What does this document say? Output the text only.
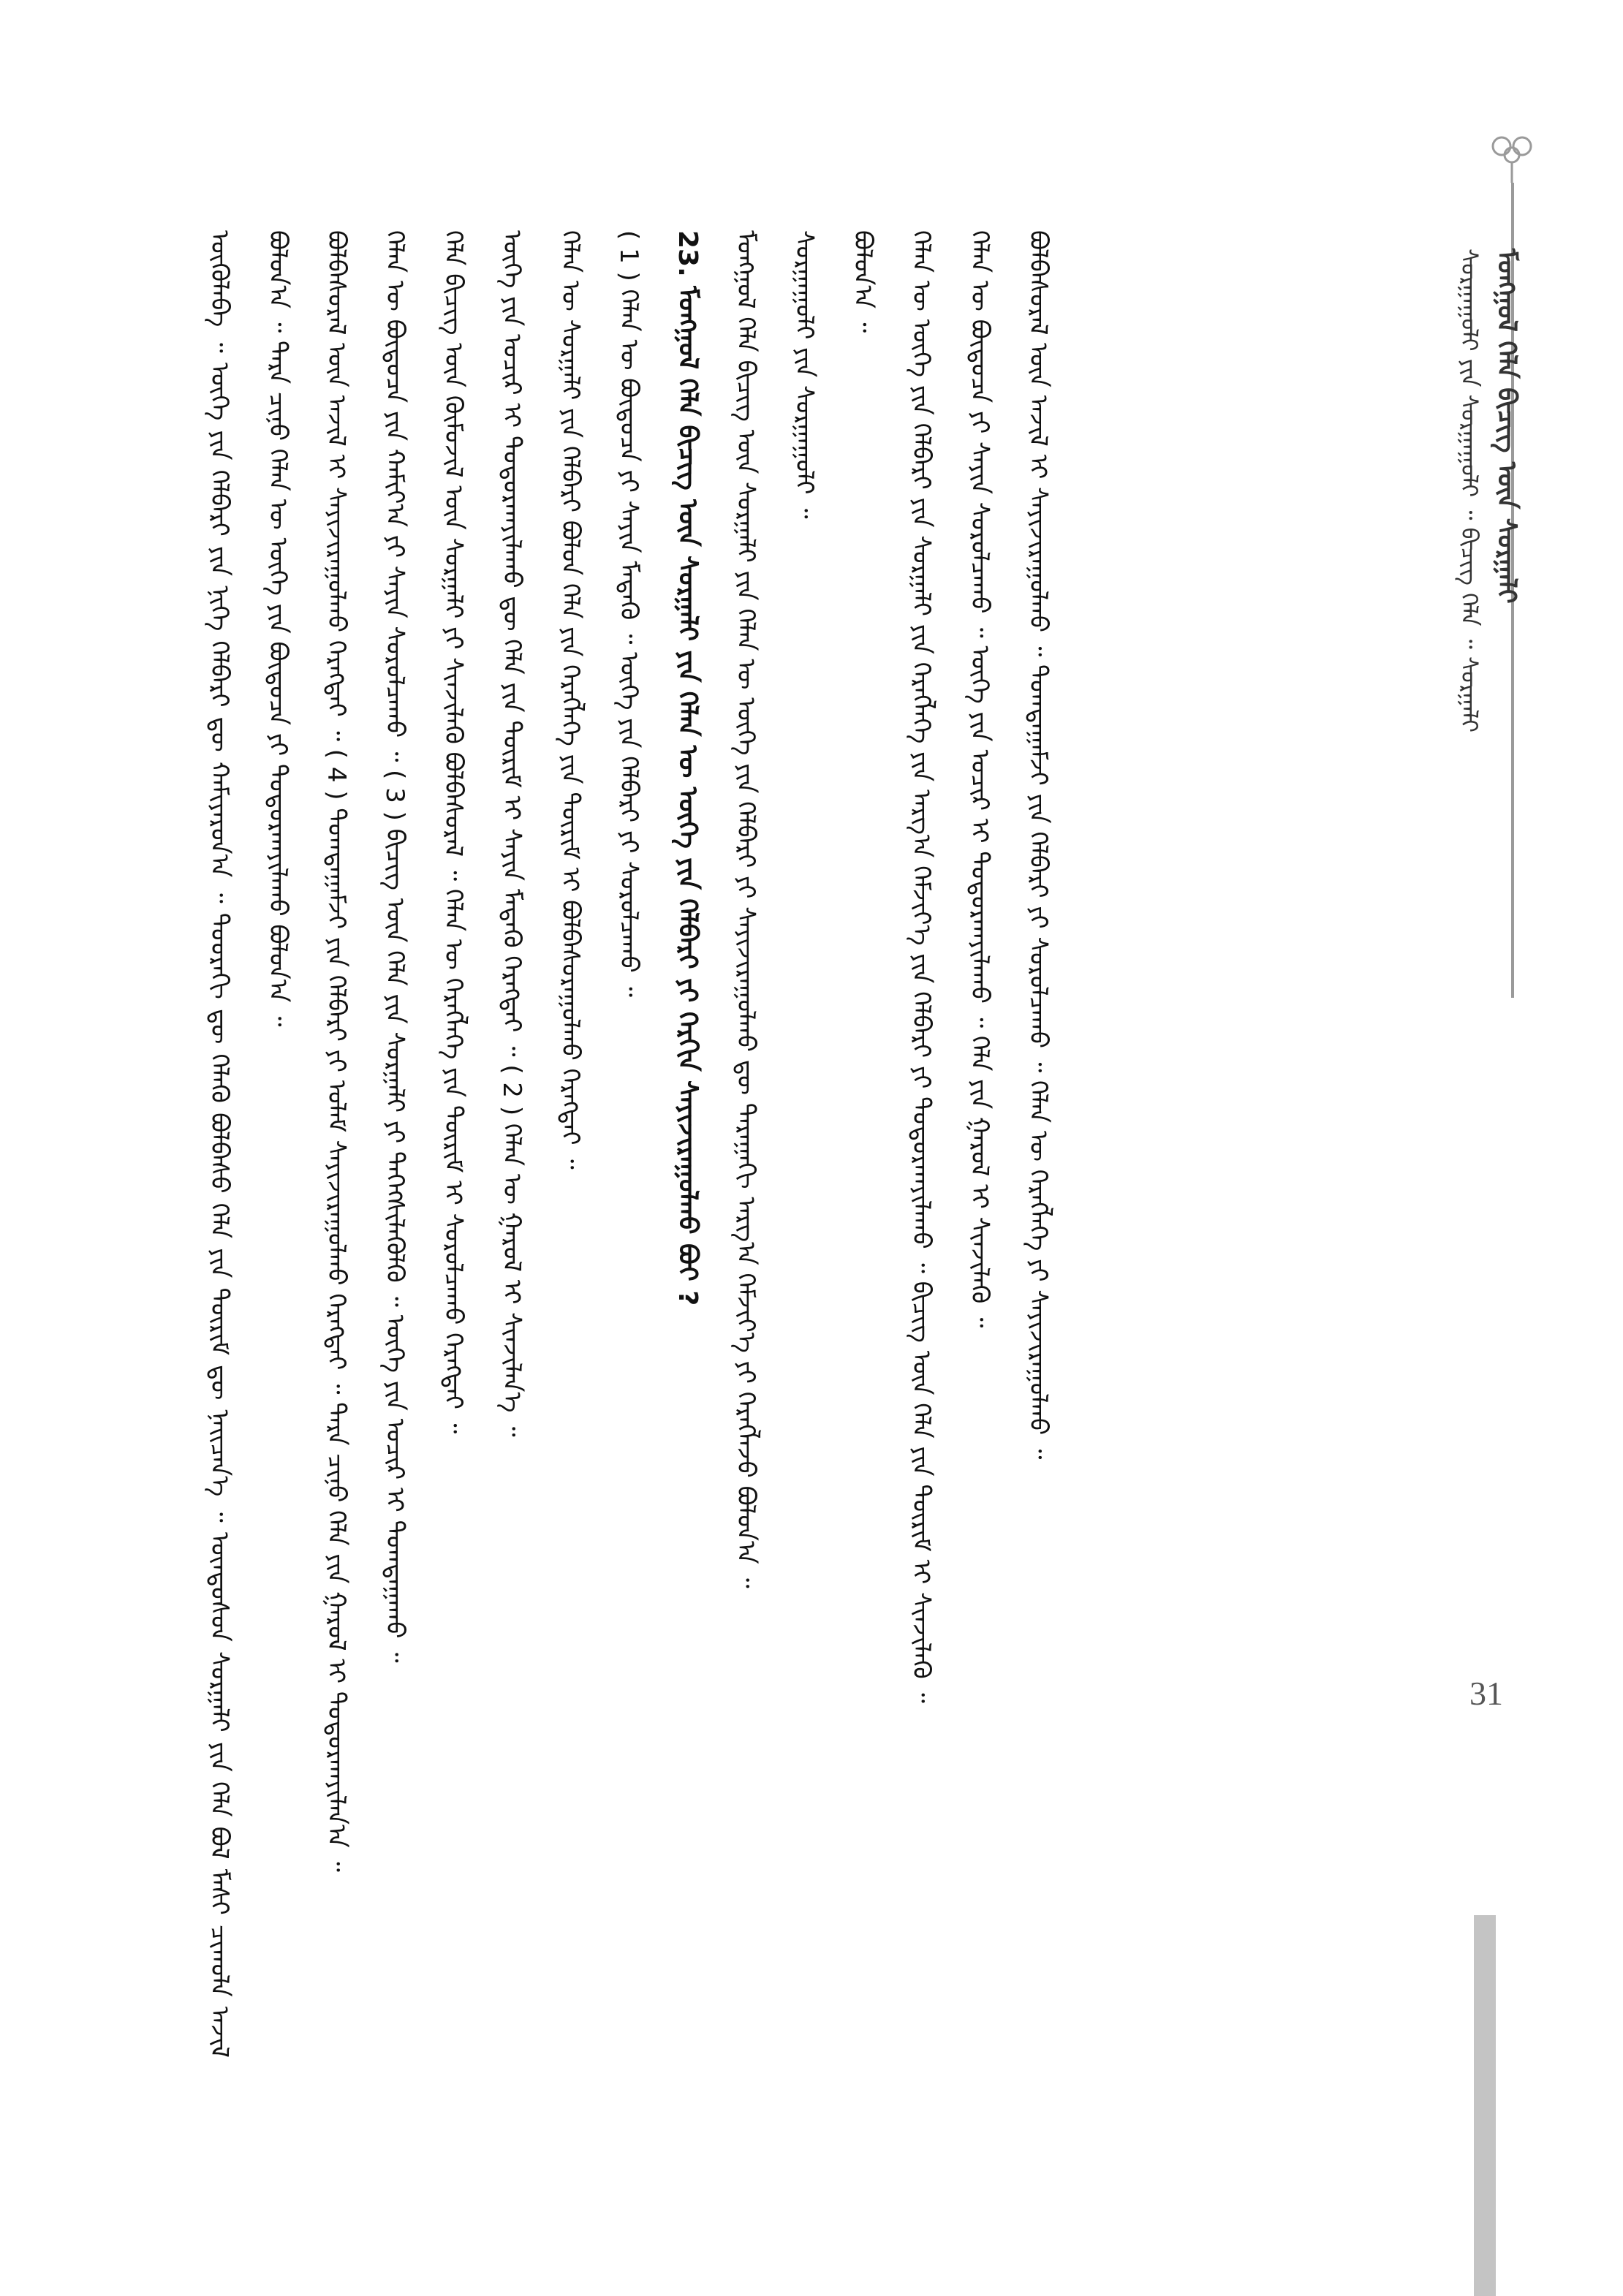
ᠮᠣᠩᠭᠣᠯ ᠬᠡᠯᠡ ᠪᠢᠴᠢᠭ ᠦᠨ ᠰᠤᠷᠭᠠᠯᠢ
ᠰᠤᠷᠭᠠᠭᠤᠯᠢ ᠶᠢᠨ ᠰᠤᠷᠭᠠᠭᠤᠯᠢ ᠃ ᠪᠢᠴᠢᠭ ᠬᠡᠯᠡ ᠃ ᠰᠤᠷᠭᠠᠯᠢ

ᠥᠭᠦᠯᠡᠪᠡ ᠃ ᠦᠭᠡ ᠶᠢᠨ ᠬᠡᠯᠪᠡᠷᠢ ᠶᠢᠨ ᠨᠢᠭᠡ ᠬᠡᠯᠪᠡᠷᠢ ᠳᠦ ᠬᠠᠮᠢᠶᠠᠷᠤᠨ᠎ᠠ ᠃ ᠳᠣᠣᠷᠠᠬᠢ ᠳᠦ ᠬᠡᠯᠡᠬᠦ ᠪᠣᠯᠪᠠᠰᠤ ᠬᠡᠯᠡ ᠶᠢᠨ ᠳᠦᠷᠢᠮ ᠳᠦ ᠨᠡᠢᠴᠡᠨ᠎ᠡ ᠃ ᠦᠨᠳᠦᠰᠦᠨ ᠰᠤᠷᠭᠠᠯᠢ ᠶᠢᠨ ᠬᠡᠯᠡ ᠪᠣᠯ ᠮᠠᠰᠢ ᠴᠢᠬᠤᠯᠠ ᠠᠵᠢᠯ ᠪᠣᠯᠤᠨ᠎ᠠ ᠃ ᠲᠡᠷᠡ ᠴᠢᠨᠦ ᠬᠡᠯᠡᠨ ᠦ ᠦᠭᠡ ᠶᠢᠨ ᠪᠦᠲᠦᠴᠡ ᠶᠢ ᠲᠣᠳᠣᠷᠬᠠᠶᠢᠯᠠᠬᠤ ᠪᠣᠯᠤᠨ᠎ᠠ ᠃	ᠪᠣᠯᠪᠠᠰᠤᠷᠠᠯ ᠦᠨ ᠠᠵᠢᠯ ᠢ ᠰᠠᠶᠢᠵᠢᠷᠠᠭᠤᠯᠬᠤ ᠬᠡᠷᠡᠭᠲᠡᠢ ᠃ ( 4 ) ᠲᠣᠭᠲᠠᠭᠠᠮᠵᠢ ᠶᠢᠨ ᠬᠡᠯᠪᠡᠷᠢ ᠶᠢ ᠤᠯᠠᠮ ᠰᠠᠶᠢᠵᠢᠷᠠᠭᠤᠯᠬᠤ ᠬᠡᠷᠡᠭᠲᠡᠢ ᠃ ᠲᠡᠷᠡ ᠴᠢᠨᠦ ᠬᠡᠯᠡ ᠶᠢᠨ ᠭᠠᠷᠤᠯ ᠢ ᠲᠣᠳᠣᠷᠬᠠᠶᠢᠯᠠᠨ᠎ᠠ ᠃	ᠬᠡᠯᠡᠨ ᠦ ᠪᠦᠲᠦᠴᠡ ᠶᠢᠨ ᠬᠠᠮᠢᠶ᠎ᠠ ᠶᠢ ᠰᠠᠶᠢᠨ ᠰᠤᠷᠤᠯᠴᠠᠬᠤ ᠃ ( 3 ) ᠪᠢᠴᠢᠭ ᠦᠨ ᠬᠡᠯᠡ ᠶᠢᠨ ᠰᠤᠷᠭᠠᠯᠢ ᠶᠢ ᠳᠡᠭᠡᠭᠰᠢᠯᠡᠭᠦᠯᠬᠦ ᠃ ᠦᠭᠡ ᠶᠢᠨ ᠤᠴᠢᠷ ᠢ ᠲᠣᠭᠲᠠᠭᠠᠬᠤ ᠃	ᠬᠡᠯᠡ ᠪᠢᠴᠢᠭ ᠦᠨ ᠬᠦᠮᠦᠵᠢᠯ ᠦᠨ ᠰᠤᠷᠭᠠᠯᠢ ᠶᠢ ᠰᠢᠨᠵᠢᠯᠡᠬᠦ ᠪᠣᠯᠪᠠᠰᠤᠷᠠᠯ ᠃ ᠬᠡᠯᠡᠨ ᠦ ᠬᠡᠷᠡᠭᠯᠡᠭᠡ ᠶᠢᠨ ᠳᠦᠷᠢᠮ ᠢ ᠰᠤᠷᠤᠯᠴᠠᠬᠤ ᠬᠡᠷᠡᠭᠲᠡᠢ ᠃	ᠦᠭᠡ ᠶᠢᠨ ᠤᠴᠢᠷ ᠢ ᠲᠣᠳᠣᠷᠬᠠᠶᠢᠯᠠᠬᠤ ᠳᠦ ᠬᠡᠯᠡ ᠶᠢᠨ ᠳᠦᠷᠢᠮ ᠢ ᠰᠠᠶᠢᠨ ᠮᠡᠳᠡᠬᠦ ᠬᠡᠷᠡᠭᠲᠡᠢ ᠃ ( 2 ) ᠬᠡᠯᠡᠨ ᠦ ᠭᠠᠷᠤᠯ ᠢ ᠰᠢᠨᠵᠢᠯᠡᠨ᠎ᠡ ᠃	ᠬᠡᠯᠡᠨ ᠦ ᠰᠤᠷᠭᠠᠯᠢ ᠶᠢᠨ ᠬᠡᠯᠪᠡᠷᠢ ᠪᠣᠯᠤᠨ ᠬᠡᠯᠡ ᠶᠢᠨ ᠬᠡᠷᠡᠭᠯᠡᠭᠡ ᠶᠢᠨ ᠳᠦᠷᠢᠮ ᠢ ᠪᠣᠯᠪᠠᠰᠤᠷᠠᠭᠤᠯᠬᠤ ᠬᠡᠷᠡᠭᠲᠡᠢ ᠃	( 1 ) ᠬᠡᠯᠡᠨ ᠦ ᠪᠦᠲᠦᠴᠡ ᠶᠢ ᠰᠠᠶᠢᠨ ᠮᠡᠳᠡᠬᠦ ᠃ ᠦᠭᠡ ᠶᠢᠨ ᠬᠡᠯᠪᠡᠷᠢ ᠶᠢ ᠰᠤᠷᠤᠯᠴᠠᠬᠤ ᠃	23. ᠮᠣᠩᠭᠣᠯ ᠬᠡᠯᠡ ᠪᠢᠴᠢᠭ ᠦᠨ ᠰᠤᠷᠭᠠᠯᠢ ᠶᠢᠨ ᠬᠡᠯᠡᠨ ᠦ ᠦᠭᠡ ᠶᠢᠨ ᠬᠡᠯᠪᠡᠷᠢ ᠶᠢ ᠬᠡᠷᠬᠢᠨ ᠰᠠᠶᠢᠵᠢᠷᠠᠭᠤᠯᠬᠤ ᠪᠤᠢ ?	ᠮᠣᠩᠭᠣᠯ ᠬᠡᠯᠡ ᠪᠢᠴᠢᠭ ᠦᠨ ᠰᠤᠷᠭᠠᠯᠢ ᠶᠢᠨ ᠬᠡᠯᠡᠨ ᠦ ᠦᠭᠡ ᠶᠢᠨ ᠬᠡᠯᠪᠡᠷᠢ ᠶᠢ ᠰᠠᠶᠢᠵᠢᠷᠠᠭᠤᠯᠬᠤ ᠳᠦ ᠳᠠᠷᠠᠭᠠᠬᠢ ᠠᠷᠭ᠎ᠠ ᠬᠡᠮᠵᠢᠶ᠎ᠡ ᠶᠢ ᠬᠡᠷᠡᠭᠯᠡᠵᠦ ᠪᠣᠯᠤᠨ᠎ᠠ ᠃	ᠰᠤᠷᠭᠠᠭᠤᠯᠢ ᠶᠢᠨ ᠰᠤᠷᠭᠠᠭᠤᠯᠢ ᠃	ᠪᠣᠯᠤᠨ᠎ᠠ ᠃	ᠬᠡᠯᠡᠨ ᠦ ᠦᠭᠡ ᠶᠢᠨ ᠬᠡᠯᠪᠡᠷᠢ ᠶᠢᠨ ᠰᠤᠷᠭᠠᠯᠢ ᠶᠢᠨ ᠬᠡᠷᠡᠭᠯᠡᠭᠡ ᠶᠢᠨ ᠠᠷᠭ᠎ᠠ ᠬᠡᠮᠵᠢᠶ᠎ᠡ ᠶᠢᠨ ᠬᠡᠯᠪᠡᠷᠢ ᠶᠢ ᠲᠣᠳᠣᠷᠬᠠᠶᠢᠯᠠᠬᠤ ᠃ ᠪᠢᠴᠢᠭ ᠦᠨ ᠬᠡᠯᠡ ᠶᠢᠨ ᠳᠦᠷᠢᠮ ᠢ ᠰᠢᠨᠵᠢᠯᠡᠬᠦ ᠃	ᠬᠡᠯᠡᠨ ᠦ ᠪᠦᠲᠦᠴᠡ ᠶᠢ ᠰᠠᠶᠢᠨ ᠰᠤᠷᠤᠯᠴᠠᠬᠤ ᠃ ᠦᠭᠡ ᠶᠢᠨ ᠤᠴᠢᠷ ᠢ ᠲᠣᠳᠣᠷᠬᠠᠶᠢᠯᠠᠬᠤ ᠃ ᠬᠡᠯᠡ ᠶᠢᠨ ᠭᠠᠷᠤᠯ ᠢ ᠰᠢᠨᠵᠢᠯᠡᠬᠦ ᠃	ᠪᠣᠯᠪᠠᠰᠤᠷᠠᠯ ᠦᠨ ᠠᠵᠢᠯ ᠢ ᠰᠠᠶᠢᠵᠢᠷᠠᠭᠤᠯᠬᠤ ᠃ ᠲᠣᠭᠲᠠᠭᠠᠮᠵᠢ ᠶᠢᠨ ᠬᠡᠯᠪᠡᠷᠢ ᠶᠢ ᠰᠤᠷᠤᠯᠴᠠᠬᠤ ᠃ ᠬᠡᠯᠡᠨ ᠦ ᠬᠡᠷᠡᠭᠯᠡᠭᠡ ᠶᠢ ᠰᠠᠶᠢᠵᠢᠷᠠᠭᠤᠯᠬᠤ ᠃

31
